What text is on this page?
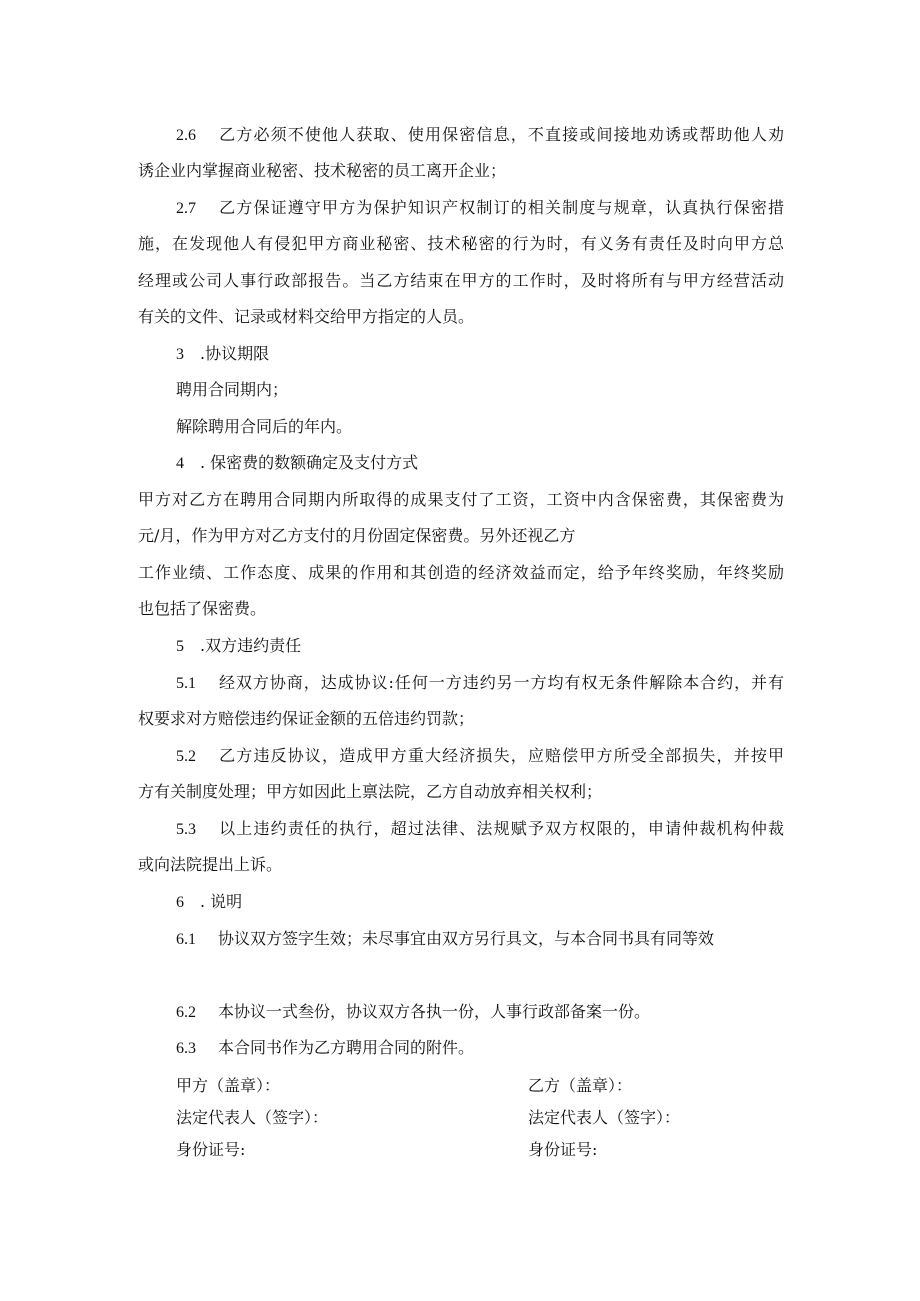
2.6 乙方必须不使他人获取、使用保密信息，不直接或间接地劝诱或帮助他人劝
诱企业内掌握商业秘密、技术秘密的员工离开企业；
2.7 乙方保证遵守甲方为保护知识产权制订的相关制度与规章，认真执行保密措
施，在发现他人有侵犯甲方商业秘密、技术秘密的行为时，有义务有责任及时向甲方总
经理或公司人事行政部报告。当乙方结束在甲方的工作时，及时将所有与甲方经营活动
有关的文件、记录或材料交给甲方指定的人员。
3 .协议期限
聘用合同期内；
解除聘用合同后的年内。
4 . 保密费的数额确定及支付方式
甲方对乙方在聘用合同期内所取得的成果支付了工资，工资中内含保密费，其保密费为
元/月，作为甲方对乙方支付的月份固定保密费。另外还视乙方
工作业绩、工作态度、成果的作用和其创造的经济效益而定，给予年终奖励，年终奖励
也包括了保密费。
5 .双方违约责任
5.1 经双方协商，达成协议:任何一方违约另一方均有权无条件解除本合约，并有
权要求对方赔偿违约保证金额的五倍违约罚款；
5.2 乙方违反协议，造成甲方重大经济损失，应赔偿甲方所受全部损失，并按甲
方有关制度处理；甲方如因此上禀法院，乙方自动放弃相关权利；
5.3 以上违约责任的执行，超过法律、法规赋予双方权限的，申请仲裁机构仲裁
或向法院提出上诉。
6 . 说明
6.1 协议双方签字生效；未尽事宜由双方另行具文，与本合同书具有同等效
6.2 本协议一式叁份，协议双方各执一份，人事行政部备案一份。
6.3 本合同书作为乙方聘用合同的附件。
甲方（盖章）：	乙方（盖章）：
法定代表人（签字）：	法定代表人（签字）：
身份证号:	身份证号:
